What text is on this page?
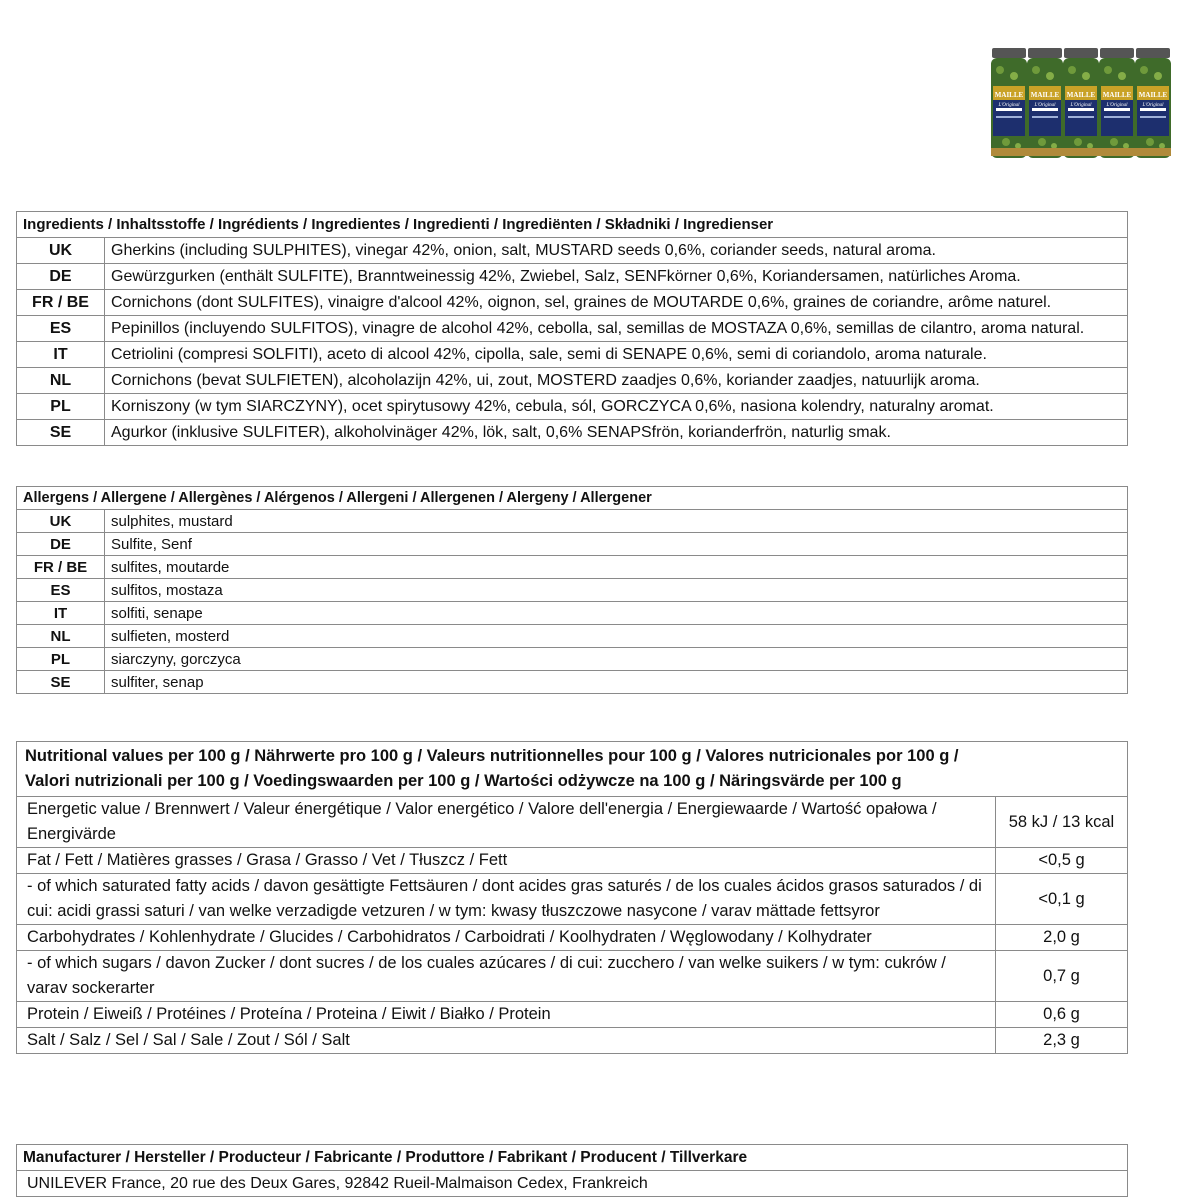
MAILLE
L'Original
MAILLE
L'Original
MAILLE
L'Original
MAILLE
L'Original
MAILLE
L'Original
Ingredients / Inhaltsstoffe / Ingrédients / Ingredientes / Ingredienti / Ingrediënten / Składniki / Ingredienser	
UK	Gherkins (including SULPHITES), vinegar 42%, onion, salt, MUSTARD seeds 0,6%, coriander seeds, natural aroma.
DE	Gewürzgurken (enthält SULFITE), Branntweinessig 42%, Zwiebel, Salz, SENFkörner 0,6%, Koriandersamen, natürliches Aroma.
FR / BE	Cornichons (dont SULFITES), vinaigre d'alcool 42%, oignon, sel, graines de MOUTARDE 0,6%, graines de coriandre, arôme naturel.
ES	Pepinillos (incluyendo SULFITOS), vinagre de alcohol 42%, cebolla, sal, semillas de MOSTAZA 0,6%, semillas de cilantro, aroma natural.
IT	Cetriolini (compresi SOLFITI), aceto di alcool 42%, cipolla, sale, semi di SENAPE 0,6%, semi di coriandolo, aroma naturale.
NL	Cornichons (bevat SULFIETEN), alcoholazijn 42%, ui, zout, MOSTERD zaadjes 0,6%, koriander zaadjes, natuurlijk aroma.
PL	Korniszony (w tym SIARCZYNY), ocet spirytusowy 42%, cebula, sól, GORCZYCA 0,6%, nasiona kolendry, naturalny aromat.
SE	Agurkor (inklusive SULFITER), alkoholvinäger 42%, lök, salt, 0,6% SENAPSfrön, korianderfrön, naturlig smak.
Allergens / Allergene / Allergènes / Alérgenos / Allergeni / Allergenen / Alergeny / Allergener	
UK	sulphites, mustard
DE	Sulfite, Senf
FR / BE	sulfites, moutarde
ES	sulfitos, mostaza
IT	solfiti, senape
NL	sulfieten, mosterd
PL	siarczyny, gorczyca
SE	sulfiter, senap
Nutritional values per 100 g / Nährwerte pro 100 g / Valeurs nutritionnelles pour 100 g / Valores nutricionales por 100 g /
Valori nutrizionali per 100 g / Voedingswaarden per 100 g / Wartości odżywcze na 100 g / Näringsvärde per 100 g	

Energetic value / Brennwert / Valeur énergétique / Valor energético / Valore dell'energia / Energiewaarde / Wartość opałowa / Energivärde	58 kJ / 13 kcal
Fat / Fett / Matières grasses / Grasa / Grasso / Vet / Tłuszcz / Fett	<0,5 g
- of which saturated fatty acids / davon gesättigte Fettsäuren / dont acides gras saturés / de los cuales ácidos grasos saturados / di cui: acidi grassi saturi / van welke verzadigde vetzuren / w tym: kwasy tłuszczowe nasycone / varav mättade fettsyror	<0,1 g
Carbohydrates / Kohlenhydrate / Glucides / Carbohidratos / Carboidrati / Koolhydraten / Węglowodany / Kolhydrater	2,0 g
- of which sugars / davon Zucker / dont sucres / de los cuales azúcares / di cui: zucchero / van welke suikers / w tym: cukrów / varav sockerarter	0,7 g
Protein / Eiweiß / Protéines / Proteína / Proteina / Eiwit / Białko / Protein	0,6 g
Salt / Salz / Sel / Sal / Sale / Zout / Sól / Salt	2,3 g
Manufacturer / Hersteller / Producteur / Fabricante / Produttore / Fabrikant / Producent / Tillverkare
UNILEVER France, 20 rue des Deux Gares, 92842 Rueil-Malmaison Cedex, Frankreich
